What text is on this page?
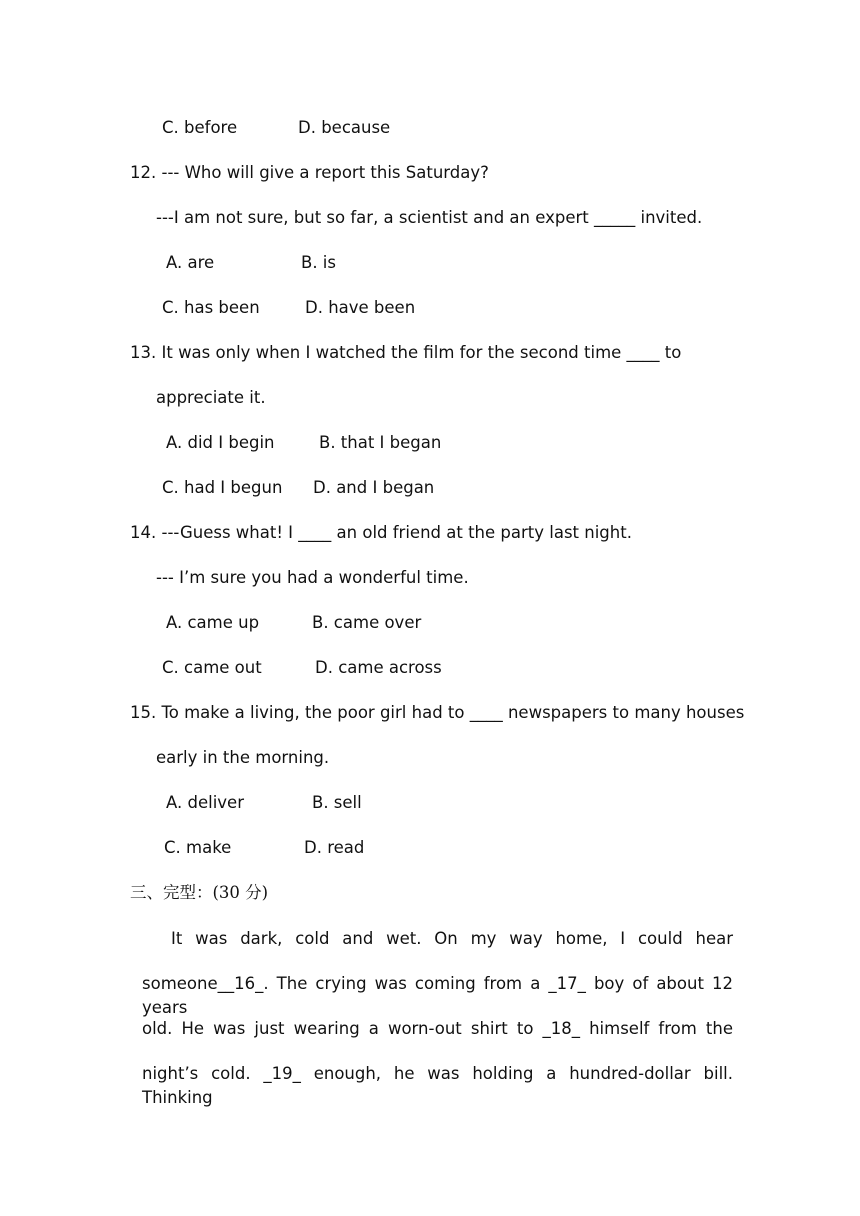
C. before	D. because
12. --- Who will give a report this Saturday?
---I am not sure, but so far, a scientist and an expert _____ invited.
A. are	B. is
C. has been	D. have been
13. It was only when I watched the film for the second time ____ to
appreciate it.
A. did I begin	B. that I began
C. had I begun D. and I began
14. ---Guess what! I ____ an old friend at the party last night.
--- I’m sure you had a wonderful time.
A. came up	B. came over
C. came out	D. came across
15. To make a living, the poor girl had to ____ newspapers to many houses
early in the morning.
A. deliver	B. sell
C. make	D. read
三、完型：(30 分)
It was dark, cold and wet. On my way home, I could hear
someone__16_. The crying was coming from a _17_ boy of about 12 years
old. He was just wearing a worn-out shirt to _18_ himself from the
night’s cold. _19_ enough, he was holding a hundred-dollar bill. Thinking
